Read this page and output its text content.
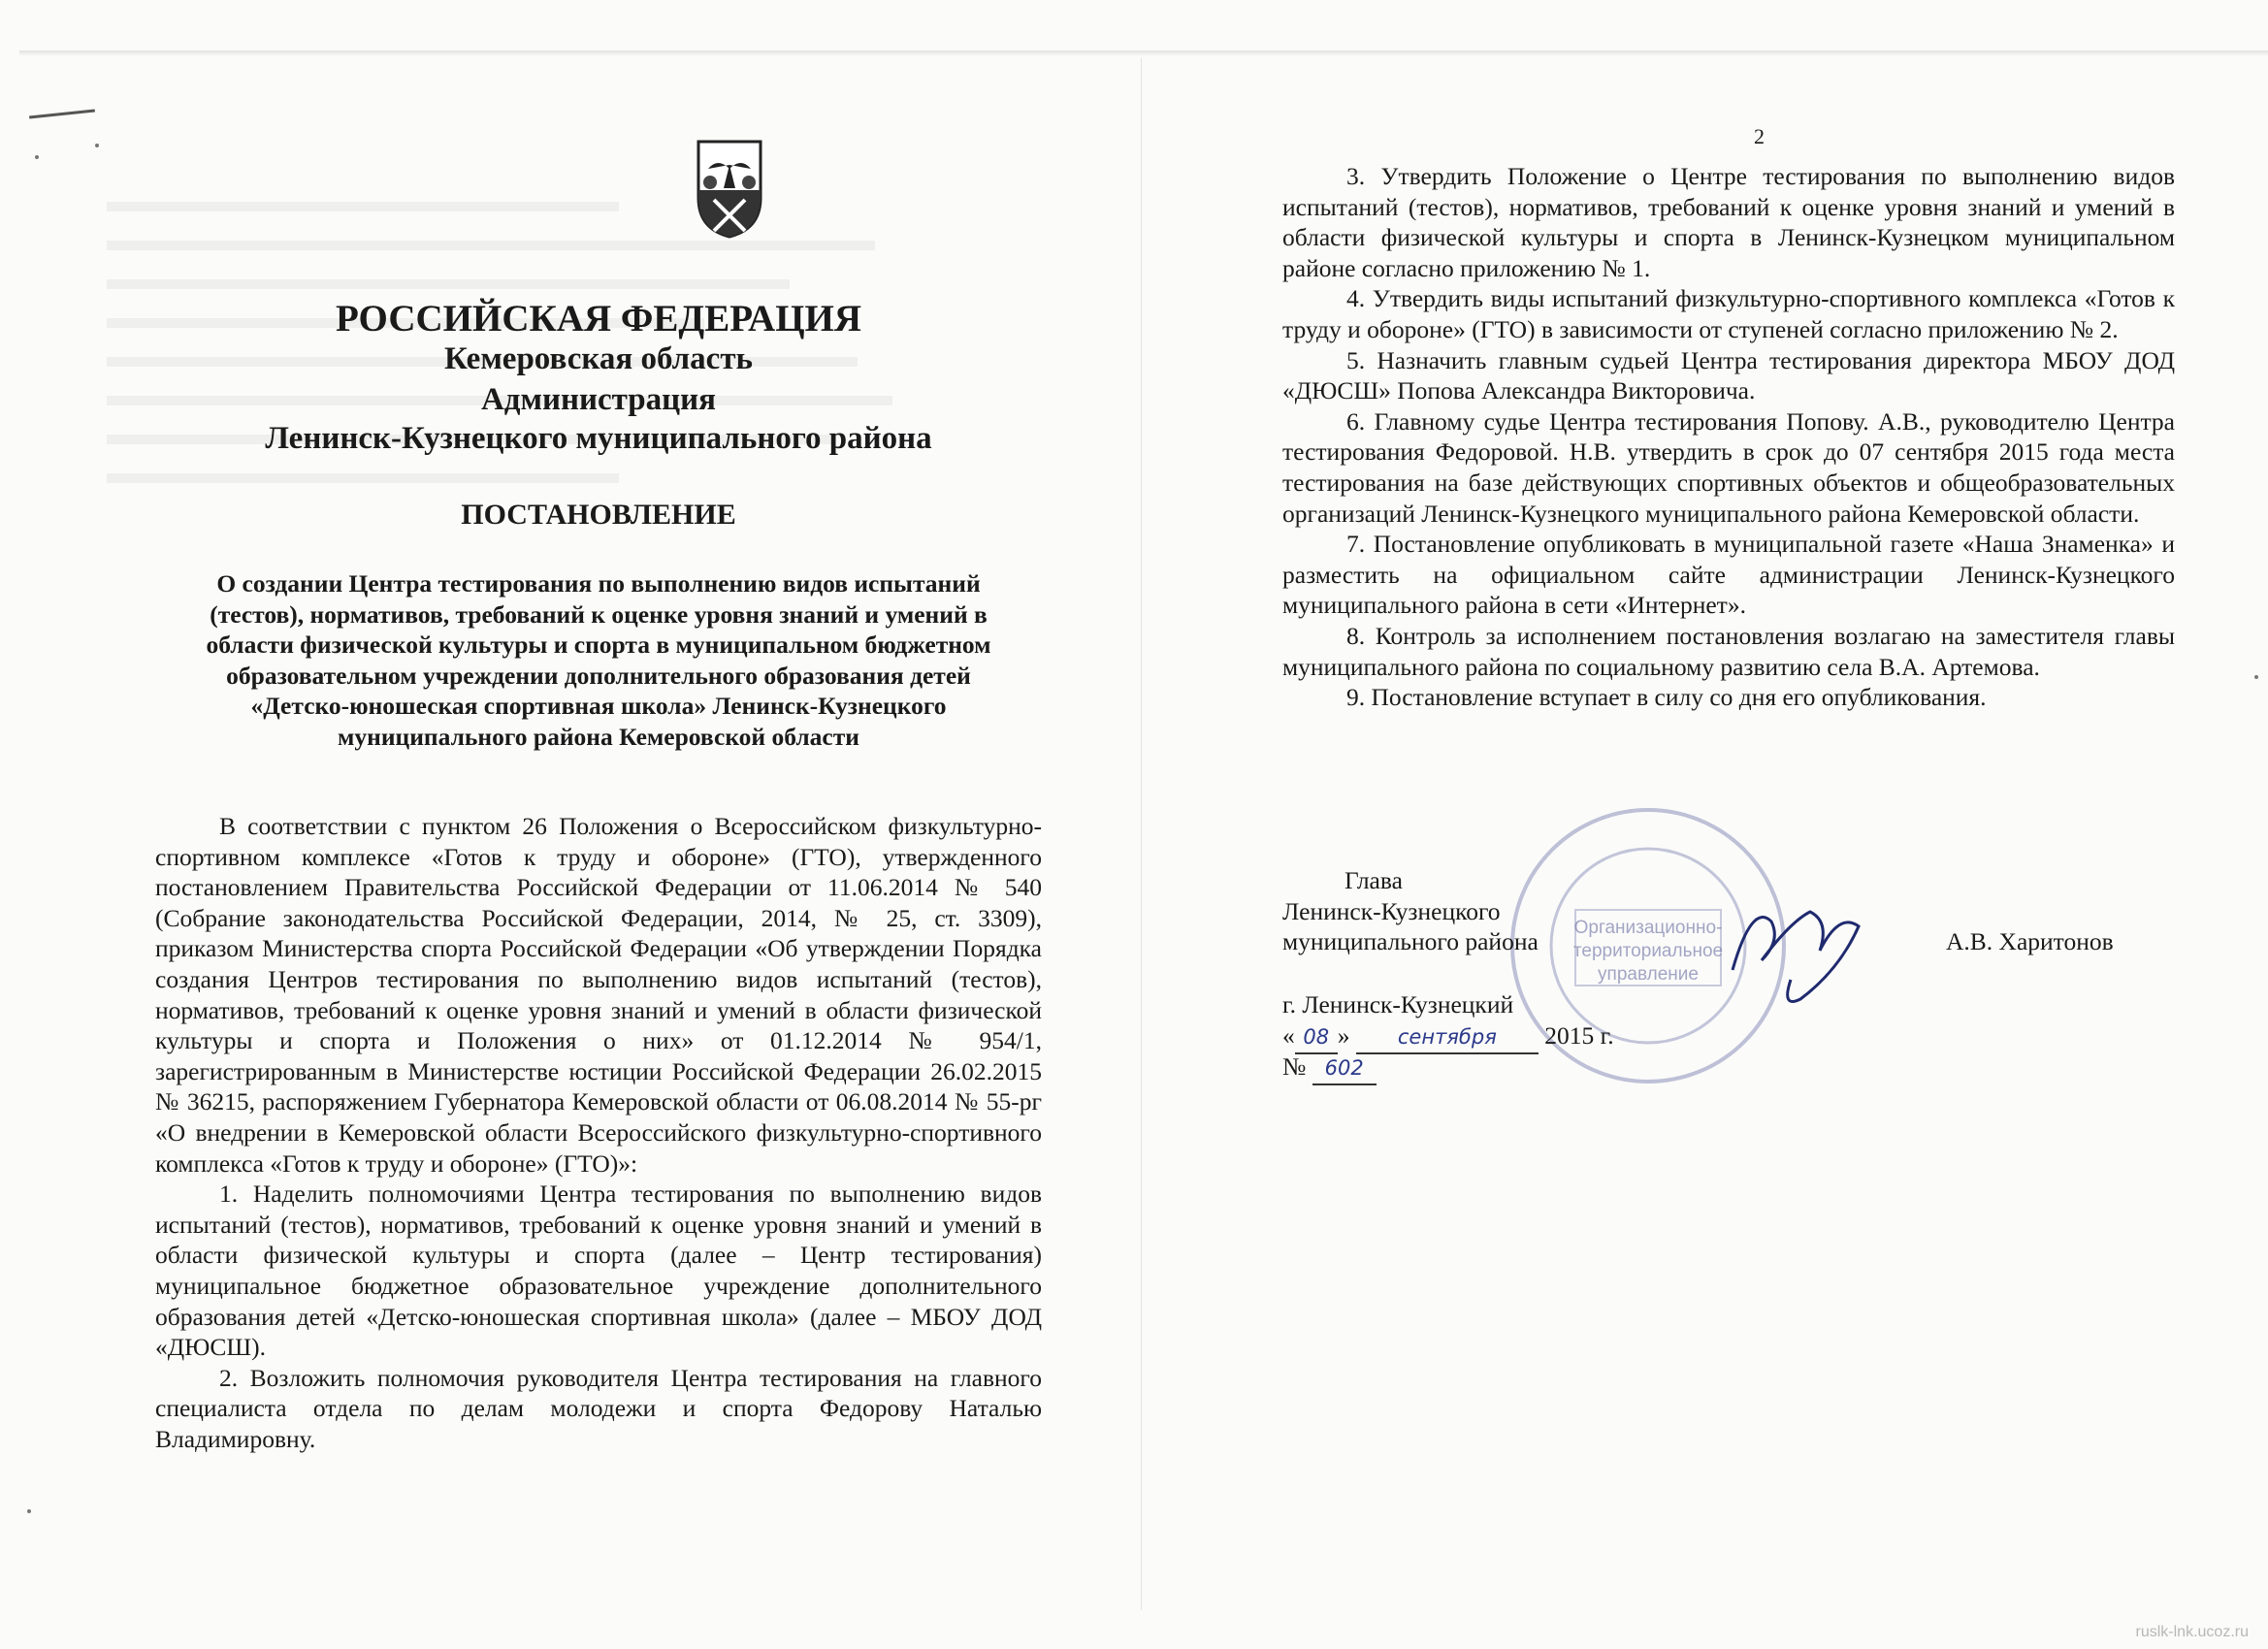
РОССИЙСКАЯ ФЕДЕРАЦИЯ
Кемеровская область
Администрация
Ленинск-Кузнецкого муниципального района
ПОСТАНОВЛЕНИЕ
О создании Центра тестирования по выполнению видов испытаний
(тестов), нормативов, требований к оценке уровня знаний и умений в
области физической культуры и спорта в муниципальном бюджетном
образовательном учреждении дополнительного образования детей
«Детско-юношеская спортивная школа» Ленинск-Кузнецкого
муниципального района Кемеровской области

В соответствии с пунктом 26 Положения о Всероссийском физкультурно-спортивном комплексе «Готов к труду и обороне» (ГТО), утвержденного постановлением Правительства Российской Федерации от 11.06.2014 № 540 (Собрание законодательства Российской Федерации, 2014, № 25, ст. 3309), приказом Министерства спорта Российской Федерации «Об утверждении Порядка создания Центров тестирования по выполнению видов испытаний (тестов), нормативов, требований к оценке уровня знаний и умений в области физической культуры и спорта и Положения о них» от 01.12.2014 № 954/1, зарегистрированным в Министерстве юстиции Российской Федерации 26.02.2015 № 36215, распоряжением Губернатора Кемеровской области от 06.08.2014 № 55-рг «О внедрении в Кемеровской области Всероссийского физкультурно-спортивного комплекса «Готов к труду и обороне» (ГТО)»:

1. Наделить полномочиями Центра тестирования по выполнению видов испытаний (тестов), нормативов, требований к оценке уровня знаний и умений в области физической культуры и спорта (далее – Центр тестирования) муниципальное бюджетное образовательное учреждение дополнительного образования детей «Детско-юношеская спортивная школа» (далее – МБОУ ДОД «ДЮСШ).

2. Возложить полномочия руководителя Центра тестирования на главного специалиста отдела по делам молодежи и спорта Федорову Наталью Владимировну.

2

3. Утвердить Положение о Центре тестирования по выполнению видов испытаний (тестов), нормативов, требований к оценке уровня знаний и умений в области физической культуры и спорта в Ленинск-Кузнецком муниципальном районе согласно приложению № 1.

4. Утвердить виды испытаний физкультурно-спортивного комплекса «Готов к труду и обороне» (ГТО) в зависимости от ступеней согласно приложению № 2.

5. Назначить главным судьей Центра тестирования директора МБОУ ДОД «ДЮСШ» Попова Александра Викторовича.

6. Главному судье Центра тестирования Попову. А.В., руководителю Центра тестирования Федоровой. Н.В. утвердить в срок до 07 сентября 2015 года места тестирования на базе действующих спортивных объектов и общеобразовательных организаций Ленинск-Кузнецкого муниципального района Кемеровской области.

7. Постановление опубликовать в муниципальной газете «Наша Знаменка» и разместить на официальном сайте администрации Ленинск-Кузнецкого муниципального района в сети «Интернет».

8. Контроль за исполнением постановления возлагаю на заместителя главы муниципального района по социальному развитию села В.А. Артемова.

9. Постановление вступает в силу со дня его опубликования.

Организационно-
территориальное
управление
Глава
Ленинск-Кузнецкого
муниципального района	А.В. Харитонов
г. Ленинск-Кузнецкий
« 08 » сентября 2015 г.
№ 602
ruslk-lnk.ucoz.ru
